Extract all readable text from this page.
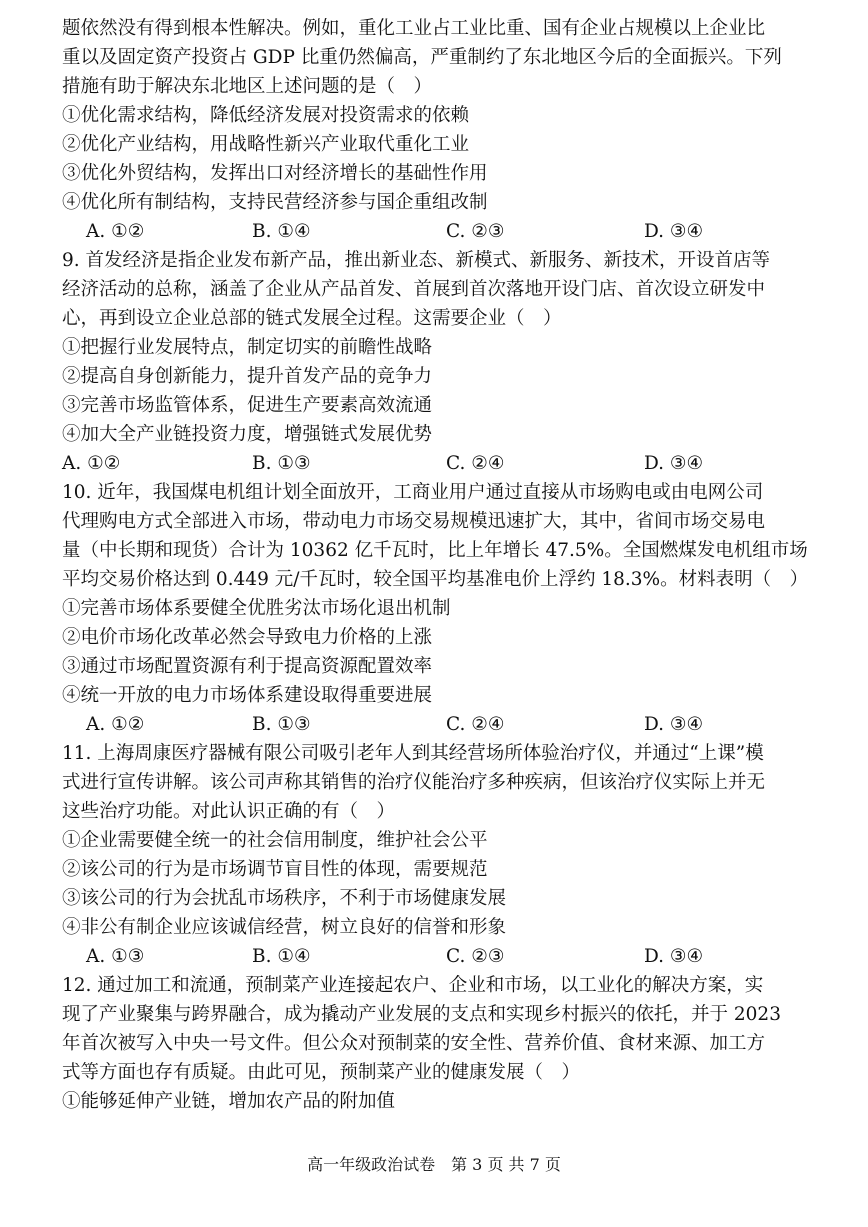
题依然没有得到根本性解决。例如，重化工业占工业比重、国有企业占规模以上企业比
重以及固定资产投资占 GDP 比重仍然偏高，严重制约了东北地区今后的全面振兴。下列
措施有助于解决东北地区上述问题的是（　）
①优化需求结构，降低经济发展对投资需求的依赖
②优化产业结构，用战略性新兴产业取代重化工业
③优化外贸结构，发挥出口对经济增长的基础性作用
④优化所有制结构，支持民营经济参与国企重组改制
A. ①②	B. ①④	C. ②③	D. ③④
9. 首发经济是指企业发布新产品，推出新业态、新模式、新服务、新技术，开设首店等
经济活动的总称，涵盖了企业从产品首发、首展到首次落地开设门店、首次设立研发中
心，再到设立企业总部的链式发展全过程。这需要企业（　）
①把握行业发展特点，制定切实的前瞻性战略
②提高自身创新能力，提升首发产品的竞争力
③完善市场监管体系，促进生产要素高效流通
④加大全产业链投资力度，增强链式发展优势
A. ①②	B. ①③	C. ②④	D. ③④
10. 近年，我国煤电机组计划全面放开，工商业用户通过直接从市场购电或由电网公司
代理购电方式全部进入市场，带动电力市场交易规模迅速扩大，其中，省间市场交易电
量（中长期和现货）合计为 10362 亿千瓦时，比上年增长 47.5%。全国燃煤发电机组市场
平均交易价格达到 0.449 元/千瓦时，较全国平均基准电价上浮约 18.3%。材料表明（　）
①完善市场体系要健全优胜劣汰市场化退出机制
②电价市场化改革必然会导致电力价格的上涨
③通过市场配置资源有利于提高资源配置效率
④统一开放的电力市场体系建设取得重要进展
A. ①②	B. ①③	C. ②④	D. ③④
11. 上海周康医疗器械有限公司吸引老年人到其经营场所体验治疗仪，并通过“上课”模
式进行宣传讲解。该公司声称其销售的治疗仪能治疗多种疾病，但该治疗仪实际上并无
这些治疗功能。对此认识正确的有（　）
①企业需要健全统一的社会信用制度，维护社会公平
②该公司的行为是市场调节盲目性的体现，需要规范
③该公司的行为会扰乱市场秩序，不利于市场健康发展
④非公有制企业应该诚信经营，树立良好的信誉和形象
A. ①③	B. ①④	C. ②③	D. ③④
12. 通过加工和流通，预制菜产业连接起农户、企业和市场，以工业化的解决方案，实
现了产业聚集与跨界融合，成为撬动产业发展的支点和实现乡村振兴的依托，并于 2023
年首次被写入中央一号文件。但公众对预制菜的安全性、营养价值、食材来源、加工方
式等方面也存有质疑。由此可见，预制菜产业的健康发展（　）
①能够延伸产业链，增加农产品的附加值
高一年级政治试卷　第 3 页 共 7 页
